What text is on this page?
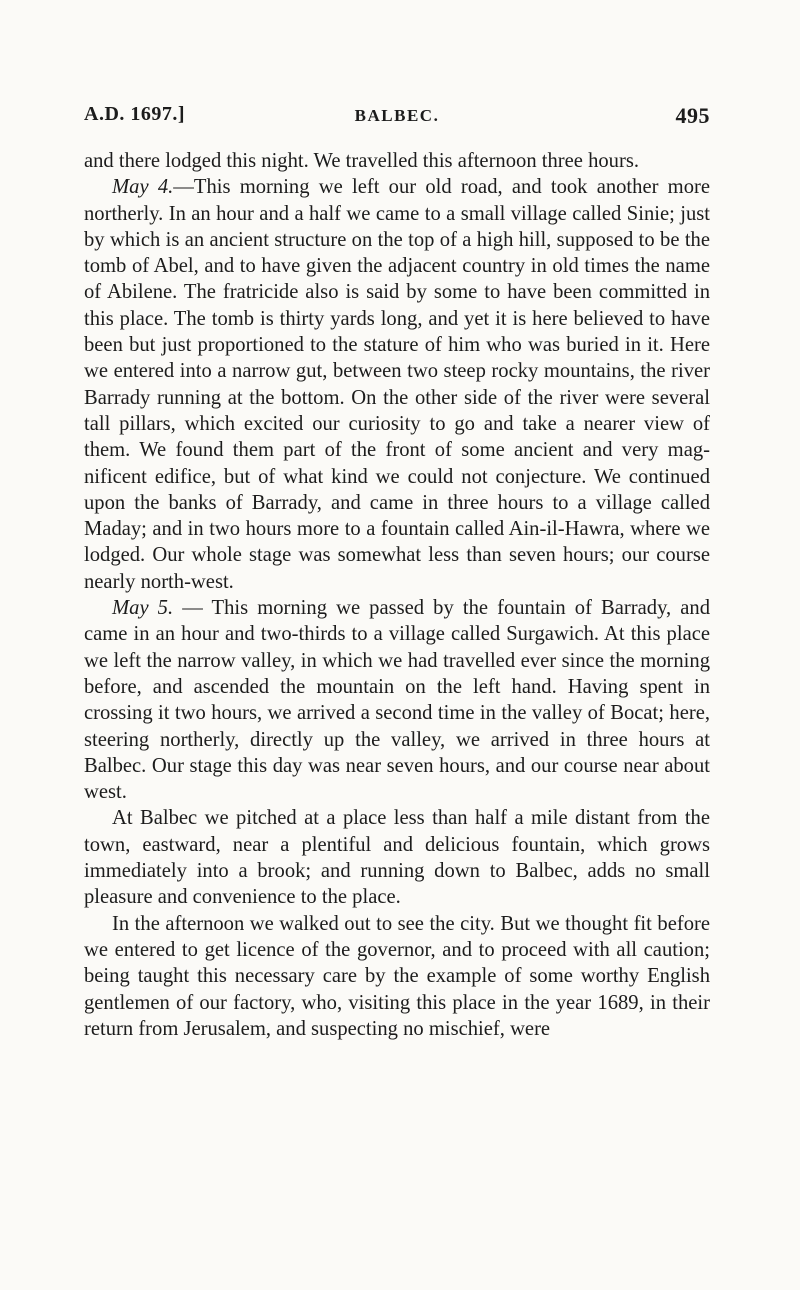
A.D. 1697.]	BALBEC.	495

and there lodged this night. We travelled this afternoon three hours.

May 4.—This morning we left our old road, and took another more northerly. In an hour and a half we came to a small village called Sinie; just by which is an ancient structure on the top of a high hill, supposed to be the tomb of Abel, and to have given the adjacent country in old times the name of Abilene. The fratricide also is said by some to have been committed in this place. The tomb is thirty yards long, and yet it is here believed to have been but just proportioned to the stature of him who was buried in it. Here we entered into a narrow gut, between two steep rocky mountains, the river Barrady running at the bottom. On the other side of the river were several tall pillars, which excited our curiosity to go and take a nearer view of them. We found them part of the front of some ancient and very magnificent edifice, but of what kind we could not conjecture. We continued upon the banks of Barrady, and came in three hours to a village called Maday; and in two hours more to a fountain called Ain-il-Hawra, where we lodged. Our whole stage was somewhat less than seven hours; our course nearly north-west.

May 5. — This morning we passed by the fountain of Barrady, and came in an hour and two-thirds to a village called Surgawich. At this place we left the narrow valley, in which we had travelled ever since the morning before, and ascended the mountain on the left hand. Having spent in crossing it two hours, we arrived a second time in the valley of Bocat; here, steering northerly, directly up the valley, we arrived in three hours at Balbec. Our stage this day was near seven hours, and our course near about west.

At Balbec we pitched at a place less than half a mile distant from the town, eastward, near a plentiful and delicious fountain, which grows immediately into a brook; and running down to Balbec, adds no small pleasure and convenience to the place.

In the afternoon we walked out to see the city. But we thought fit before we entered to get licence of the governor, and to proceed with all caution; being taught this necessary care by the example of some worthy English gentlemen of our factory, who, visiting this place in the year 1689, in their return from Jerusalem, and suspecting no mischief, were
